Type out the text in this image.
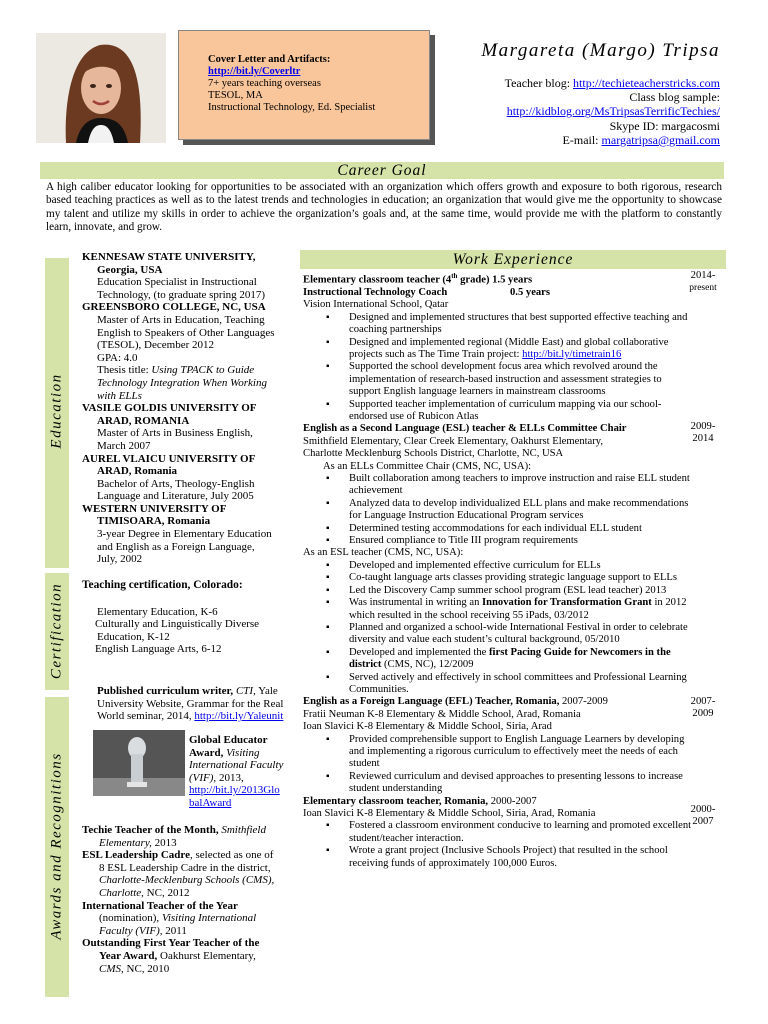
Cover Letter and Artifacts:
http://bit.ly/Coverltr
7+ years teaching overseas
TESOL, MA
Instructional Technology, Ed. Specialist
Margareta (Margo) Tripsa
Teacher blog: http://techieteacherstricks.com
Class blog sample:
http://kidblog.org/MsTripsasTerrificTechies/
Skype ID: margacosmi
E-mail: margatripsa@gmail.com
Career Goal
A high caliber educator looking for opportunities to be associated with an organization which offers growth and exposure to both rigorous, research based teaching practices as well as to the latest trends and technologies in education; an organization that would give me the opportunity to showcase my talent and utilize my skills in order to achieve the organization’s goals and, at the same time, would provide me with the platform to constantly learn, innovate, and grow.
Education
Certification
Awards and Recognitions
KENNESAW STATE UNIVERSITY,
Georgia, USA
Education Specialist in Instructional
Technology, (to graduate spring 2017)
GREENSBORO COLLEGE, NC, USA
Master of Arts in Education, Teaching
English to Speakers of Other Languages
(TESOL), December 2012
GPA: 4.0
Thesis title: Using TPACK to Guide
Technology Integration When Working
with ELLs
VASILE GOLDIS UNIVERSITY OF
ARAD, ROMANIA
Master of Arts in Business English,
March 2007
AUREL VLAICU UNIVERSITY OF
ARAD, Romania
Bachelor of Arts, Theology-English
Language and Literature, July 2005
WESTERN UNIVERSITY OF
TIMISOARA, Romania
3-year Degree in Elementary Education
and English as a Foreign Language,
July, 2002
Teaching certification, Colorado:
Elementary Education, K-6
Culturally and Linguistically Diverse
Education, K-12
English Language Arts, 6-12
Published curriculum writer, CTI, Yale
University Website, Grammar for the Real
World seminar, 2014, http://bit.ly/Yaleunit
Global Educator
Award, Visiting
International Faculty
(VIF), 2013,
http://bit.ly/2013Glo
balAward
Techie Teacher of the Month, Smithfield
Elementary, 2013
ESL Leadership Cadre, selected as one of
8 ESL Leadership Cadre in the district,
Charlotte-Mecklenburg Schools (CMS),
Charlotte, NC, 2012
International Teacher of the Year
(nomination), Visiting International
Faculty (VIF), 2011
Outstanding First Year Teacher of the
Year Award, Oakhurst Elementary,
CMS, NC, 2010
Work Experience
2014-
present
Elementary classroom teacher (4th grade) 1.5 years
Instructional Technology Coach	0.5 years
Vision International School, Qatar
▪ Designed and implemented structures that best supported effective teaching and coaching partnerships
▪ Designed and implemented regional (Middle East) and global collaborative projects such as The Time Train project: http://bit.ly/timetrain16
▪ Supported the school development focus area which revolved around the implementation of research-based instruction and assessment strategies to support English language learners in mainstream classrooms
▪ Supported teacher implementation of curriculum mapping via our school-endorsed use of Rubicon Atlas
2009-
2014
English as a Second Language (ESL) teacher & ELLs Committee Chair
Smithfield Elementary, Clear Creek Elementary, Oakhurst Elementary,
Charlotte Mecklenburg Schools District, Charlotte, NC, USA
As an ELLs Committee Chair (CMS, NC, USA):
▪ Built collaboration among teachers to improve instruction and raise ELL student achievement
▪ Analyzed data to develop individualized ELL plans and make recommendations for Language Instruction Educational Program services
▪ Determined testing accommodations for each individual ELL student
▪ Ensured compliance to Title III program requirements
As an ESL teacher (CMS, NC, USA):
▪ Developed and implemented effective curriculum for ELLs
▪ Co-taught language arts classes providing strategic language support to ELLs
▪ Led the Discovery Camp summer school program (ESL lead teacher) 2013
▪ Was instrumental in writing an Innovation for Transformation Grant in 2012 which resulted in the school receiving 55 iPads, 03/2012
▪ Planned and organized a school-wide International Festival in order to celebrate diversity and value each student’s cultural background, 05/2010
▪ Developed and implemented the first Pacing Guide for Newcomers in the district (CMS, NC), 12/2009
▪ Served actively and effectively in school committees and Professional Learning Communities.
2007-
2009
English as a Foreign Language (EFL) Teacher, Romania, 2007-2009
Fratii Neuman K-8 Elementary & Middle School, Arad, Romania
Ioan Slavici K-8 Elementary & Middle School, Siria, Arad
▪ Provided comprehensible support to English Language Learners by developing and implementing a rigorous curriculum to effectively meet the needs of each student
▪ Reviewed curriculum and devised approaches to presenting lessons to increase student understanding
2000-
2007
Elementary classroom teacher, Romania, 2000-2007
Ioan Slavici K-8 Elementary & Middle School, Siria, Arad, Romania
▪ Fostered a classroom environment conducive to learning and promoted excellent student/teacher interaction.
▪ Wrote a grant project (Inclusive Schools Project) that resulted in the school receiving funds of approximately 100,000 Euros.
